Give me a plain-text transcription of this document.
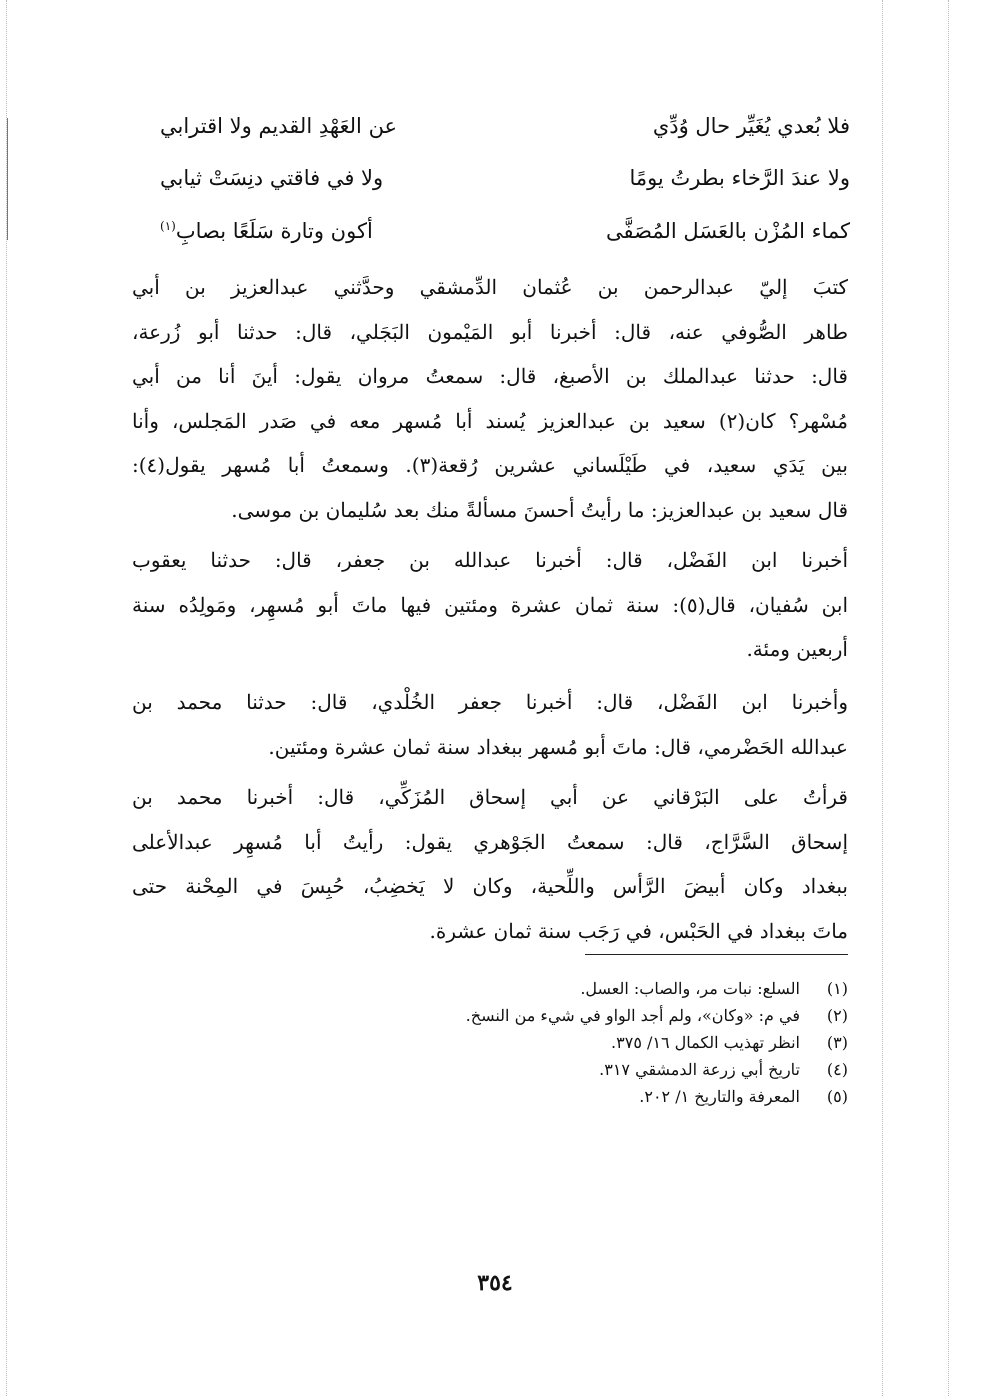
فلا بُعدي يُغَيِّر حال وُدِّي
عن العَهْدِ القديم ولا اقترابي
ولا عندَ الرَّخاء بطرتُ يومًا
ولا في فاقتي دنِسَتْ ثيابي
كماء المُزْن بالعَسَل المُصَفَّى
أكون وتارة سَلَعًا بصابِ$^{(١)}$
كتبَ إليّ عبدالرحمن بن عُثمان الدِّمشقي وحدَّثني عبدالعزيز بن أبي
طاهر الصُّوفي عنه، قال: أخبرنا أبو المَيْمون البَجَلي، قال: حدثنا أبو زُرعة،
قال: حدثنا عبدالملك بن الأصبغ، قال: سمعتُ مروان يقول: أينَ أنا من أبي
مُسْهر؟ كان(٢) سعيد بن عبدالعزيز يُسند أبا مُسهر معه في صَدر المَجلس، وأنا
بين يَدَي سعيد، في طَيْلَساني عشرين رُقعة(٣). وسمعتُ أبا مُسهر يقول(٤):
قال سعيد بن عبدالعزيز: ما رأيتُ أحسنَ مسألةً منك بعد سُليمان بن موسى.
أخبرنا ابن الفَضْل، قال: أخبرنا عبدالله بن جعفر، قال: حدثنا يعقوب
ابن سُفيان، قال(٥): سنة ثمان عشرة ومئتين فيها ماتَ أبو مُسهِر، ومَولِدُه سنة
أربعين ومئة.
وأخبرنا ابن الفَضْل، قال: أخبرنا جعفر الخُلْدي، قال: حدثنا محمد بن
عبدالله الحَضْرمي، قال: ماتَ أبو مُسهر ببغداد سنة ثمان عشرة ومئتين.
قرأتُ على البَرْقاني عن أبي إسحاق المُزَكِّي، قال: أخبرنا محمد بن
إسحاق السَّرَّاج، قال: سمعتُ الجَوْهري يقول: رأيتُ أبا مُسهِر عبدالأعلى
ببغداد وكان أبيضَ الرَّأس واللِّحية، وكان لا يَخضِبُ، حُبِسَ في المِحْنة حتى
ماتَ ببغداد في الحَبْس، في رَجَب سنة ثمان عشرة.
(١)
السلع: نبات مر، والصاب: العسل.
(٢)
في م: «وكان»، ولم أجد الواو في شيء من النسخ.
(٣)
انظر تهذيب الكمال ١٦/ ٣٧٥.
(٤)
تاريخ أبي زرعة الدمشقي ٣١٧.
(٥)
المعرفة والتاريخ ١/ ٢٠٢.
٣٥٤
